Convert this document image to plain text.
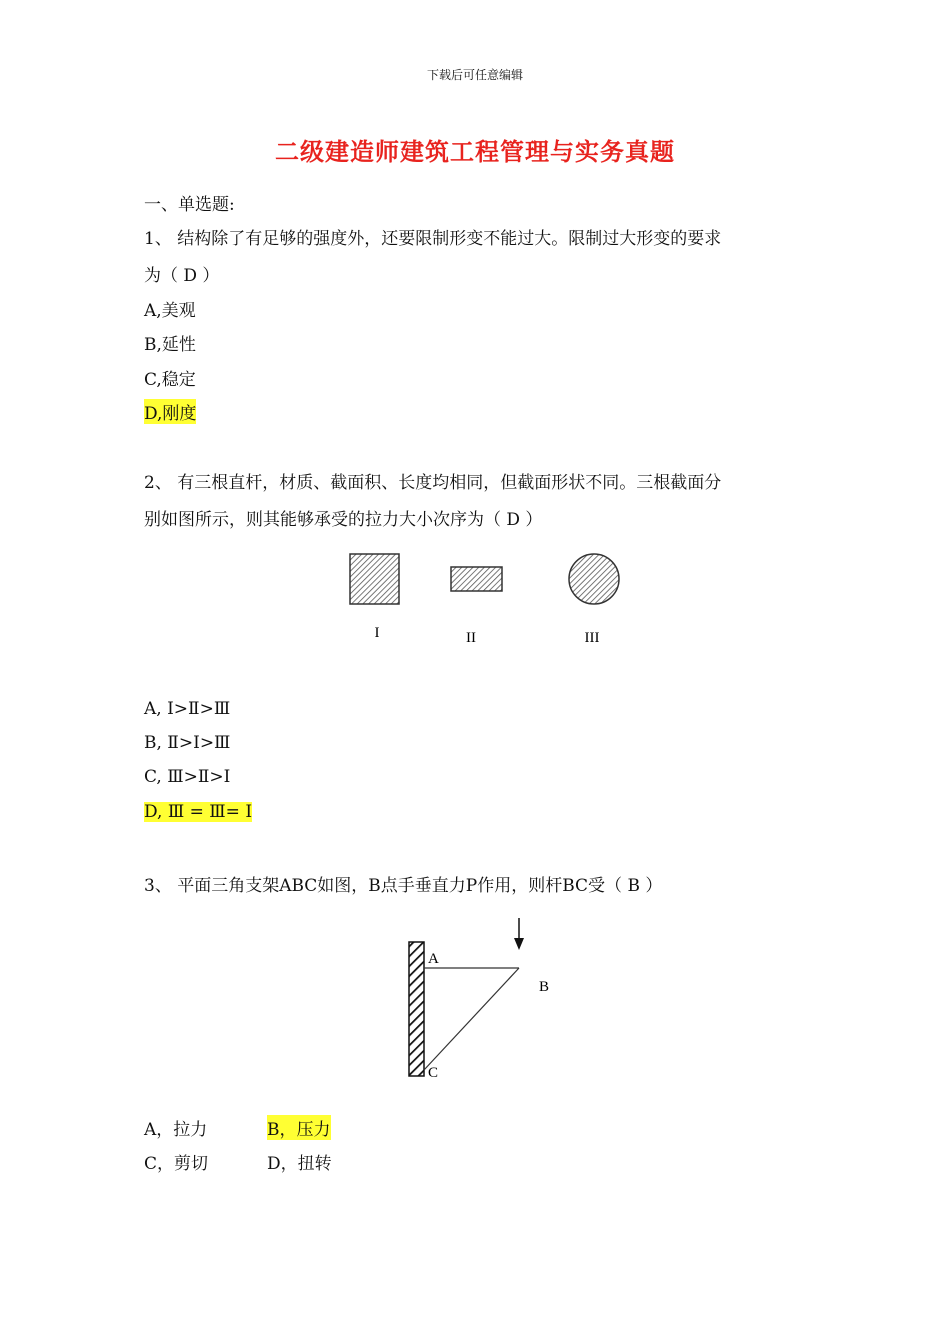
下载后可任意编辑
二级建造师建筑工程管理与实务真题
一、单选题:
1、 结构除了有足够的强度外，还要限制形变不能过大。限制过大形变的要求
为（ D ）
A,美观
B,延性
C,稳定
D,刚度
2、 有三根直杆，材质、截面积、长度均相同，但截面形状不同。三根截面分
别如图所示，则其能够承受的拉力大小次序为（ D ）
I	II	III
A, Ⅰ>Ⅱ>Ⅲ
B, Ⅱ>Ⅰ>Ⅲ
C, Ⅲ>Ⅱ>Ⅰ
D, Ⅲ = Ⅲ= Ⅰ
3、 平面三角支架ABC如图，B点手垂直力P作用，则杆BC受（ B ）
A
B
C
A，拉力	B，压力
C，剪切	D，扭转
